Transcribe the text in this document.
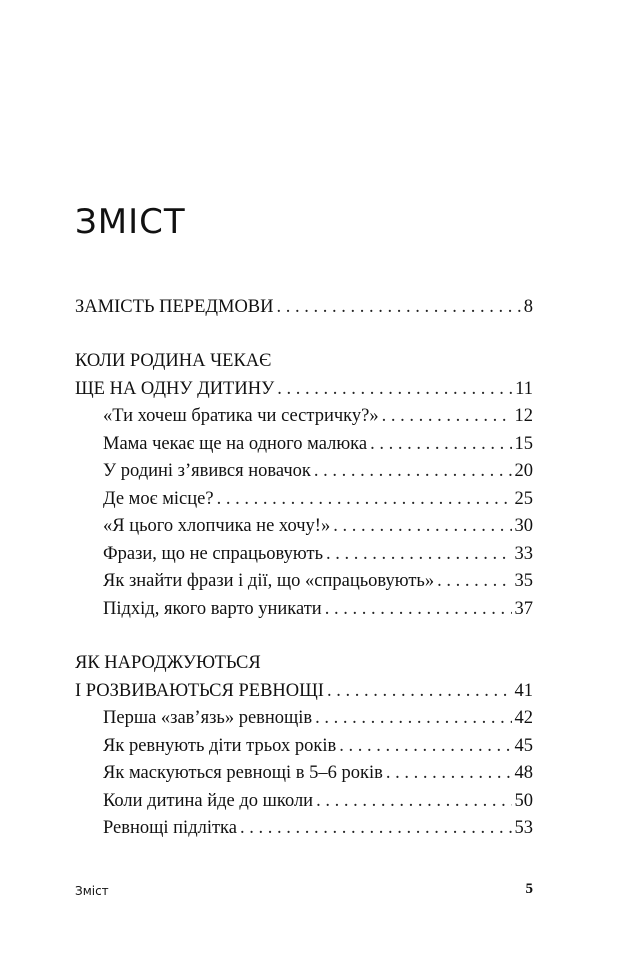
ЗМІСТ
ЗАМІСТЬ ПЕРЕДМОВИ . . .	8
КОЛИ РОДИНА ЧЕКАЄ
ЩЕ НА ОДНУ ДИТИНУ . . .	11
«Ти хочеш братика чи сестричку?» . . .	12
Мама чекає ще на одного малюка . . .	15
У родині з’явився новачок . . .	20
Де моє місце? . . .	25
«Я цього хлопчика не хочу!» . . .	30
Фрази, що не спрацьовують . . .	33
Як знайти фрази і дії, що «спрацьовують» . . .	35
Підхід, якого варто уникати . . .	37
ЯК НАРОДЖУЮТЬСЯ
І РОЗВИВАЮТЬСЯ РЕВНОЩІ . . .	41
Перша «зав’язь» ревнощів . . .	42
Як ревнують діти трьох років . . .	45
Як маскуються ревнощі в 5–6 років . . .	48
Коли дитина йде до школи . . .	50
Ревнощі підлітка . . .	53
Зміст	5
